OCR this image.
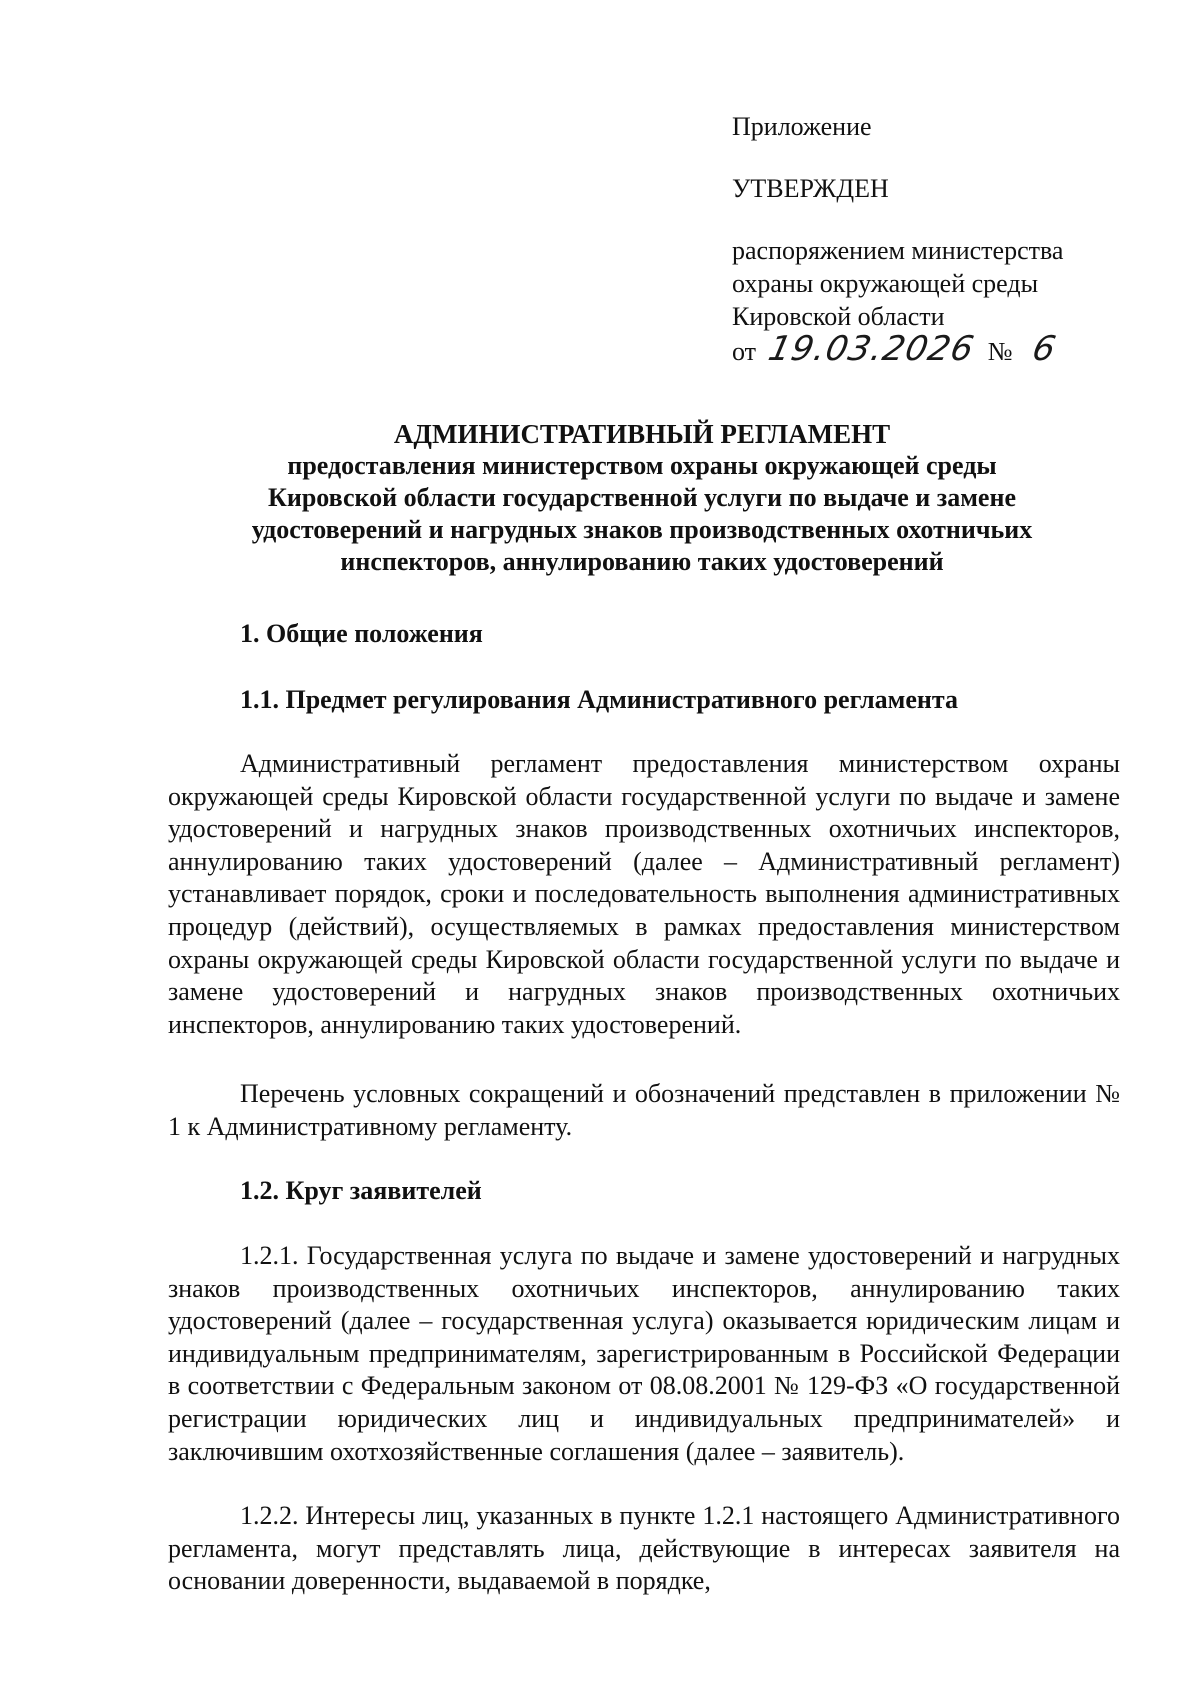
Приложение
УТВЕРЖДЕН
распоряжением министерства
охраны окружающей среды
Кировской области
от 19.03.2026 № 6
АДМИНИСТРАТИВНЫЙ РЕГЛАМЕНТ
предоставления министерством охраны окружающей среды
Кировской области государственной услуги по выдаче и замене
удостоверений и нагрудных знаков производственных охотничьих
инспекторов, аннулированию таких удостоверений
1. Общие положения
1.1. Предмет регулирования Административного регламента

Административный регламент предоставления министерством охраны окружающей среды Кировской области государственной услуги по выдаче и замене удостоверений и нагрудных знаков производственных охотничьих инспекторов, аннулированию таких удостоверений (далее – Административный регламент) устанавливает порядок, сроки и последовательность выполнения административных процедур (действий), осуществляемых в рамках предоставления министерством охраны окружающей среды Кировской области государственной услуги по выдаче и замене удостоверений и нагрудных знаков производственных охотничьих инспекторов, аннулированию таких удостоверений.

Перечень условных сокращений и обозначений представлен в приложении № 1 к Административному регламенту.

1.2. Круг заявителей

1.2.1. Государственная услуга по выдаче и замене удостоверений и нагрудных знаков производственных охотничьих инспекторов, аннулированию таких удостоверений (далее – государственная услуга) оказывается юридическим лицам и индивидуальным предпринимателям, зарегистрированным в Российской Федерации в соответствии с Федеральным законом от 08.08.2001 № 129-ФЗ «О государственной регистрации юридических лиц и индивидуальных предпринимателей» и заключившим охотхозяйственные соглашения (далее – заявитель).

1.2.2. Интересы лиц, указанных в пункте 1.2.1 настоящего Административного регламента, могут представлять лица, действующие в интересах заявителя на основании доверенности, выдаваемой в порядке,
